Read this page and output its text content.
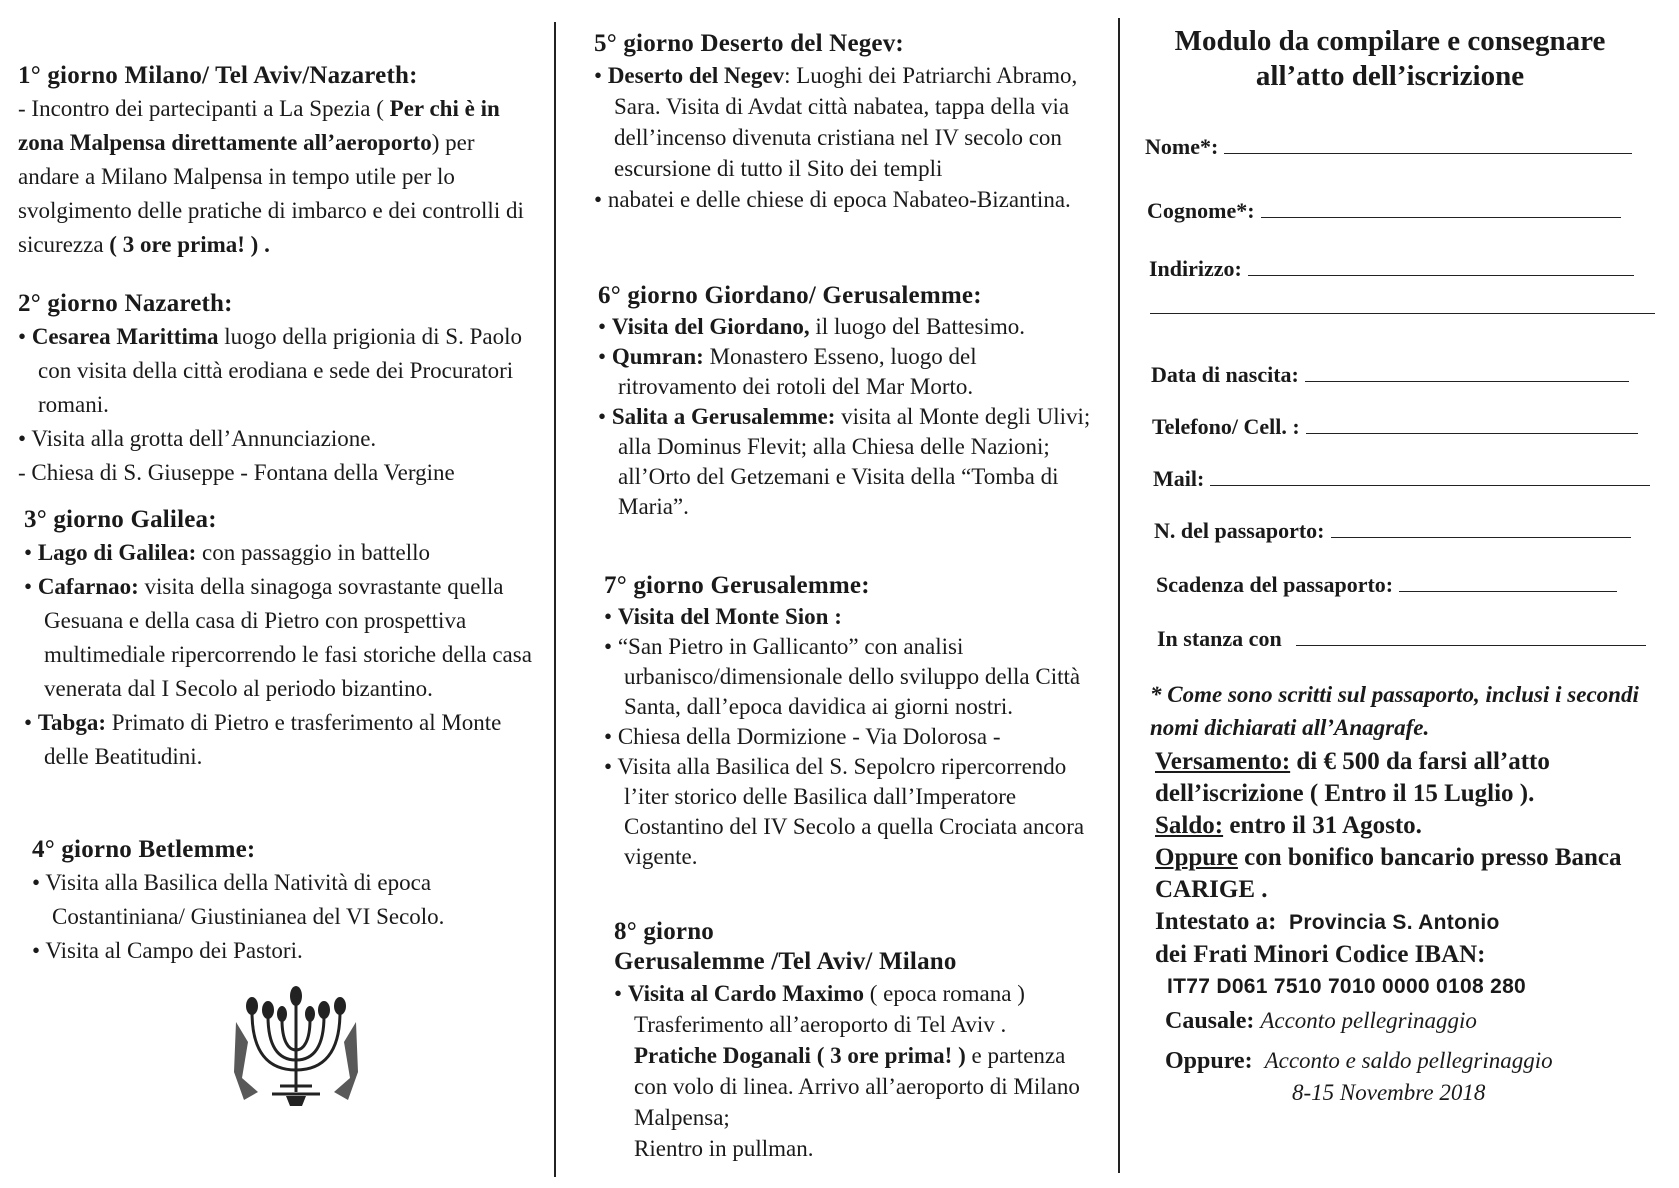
1° giorno Milano/ Tel Aviv/Nazareth:
- Incontro dei partecipanti a La Spezia ( Per chi è in zona Malpensa direttamente all’aeroporto) per andare a Milano Malpensa in tempo utile per lo svolgimento delle pratiche di imbarco e dei controlli di sicurezza ( 3 ore prima! ) .
2° giorno Nazareth:
• Cesarea Marittima luogo della prigionia di S. Paolo con visita della città erodiana e sede dei Procuratori romani.
• Visita alla grotta dell’Annunciazione.
- Chiesa di S. Giuseppe - Fontana della Vergine
3° giorno Galilea:
• Lago di Galilea: con passaggio in battello
• Cafarnao: visita della sinagoga sovrastante quella Gesuana e della casa di Pietro con prospettiva multimediale ripercorrendo le fasi storiche della casa venerata dal I Secolo al periodo bizantino.
• Tabga: Primato di Pietro e trasferimento al Monte delle Beatitudini.
4° giorno Betlemme:
• Visita alla Basilica della Natività di epoca Costantiniana/ Giustinianea del VI Secolo.
• Visita al Campo dei Pastori.
5° giorno Deserto del Negev:
• Deserto del Negev: Luoghi dei Patriarchi Abramo, Sara. Visita di Avdat città nabatea, tappa della via dell’incenso divenuta cristiana nel IV secolo con escursione di tutto il Sito dei templi
• nabatei e delle chiese di epoca Nabateo-Bizantina.
6° giorno Giordano/ Gerusalemme:
• Visita del Giordano, il luogo del Battesimo.
• Qumran: Monastero Esseno, luogo del ritrovamento dei rotoli del Mar Morto.
• Salita a Gerusalemme: visita al Monte degli Ulivi; alla Dominus Flevit; alla Chiesa delle Nazioni; all’Orto del Getzemani e Visita della “Tomba di Maria”.
7° giorno Gerusalemme:
• Visita del Monte Sion :
• “San Pietro in Gallicanto” con analisi urbanisco/dimensionale dello sviluppo della Città Santa, dall’epoca davidica ai giorni nostri.
• Chiesa della Dormizione - Via Dolorosa -
• Visita alla Basilica del S. Sepolcro ripercorrendo l’iter storico delle Basilica dall’Imperatore Costantino del IV Secolo a quella Crociata ancora vigente.
8° giorno
Gerusalemme /Tel Aviv/ Milano
• Visita al Cardo Maximo ( epoca romana )
Trasferimento all’aeroporto di Tel Aviv .
Pratiche Doganali ( 3 ore prima! ) e partenza con volo di linea. Arrivo all’aeroporto di Milano Malpensa;
Rientro in pullman.
Modulo da compilare e consegnare all’atto dell’iscrizione
Nome*:
Cognome*:
Indirizzo:
Data di nascita:
Telefono/ Cell. :
Mail:
N. del passaporto:
Scadenza del passaporto:
In stanza con
* Come sono scritti sul passaporto, inclusi i secondi nomi dichiarati all’Anagrafe.
Versamento: di € 500 da farsi all’atto dell’iscrizione ( Entro il 15 Luglio ).
Saldo: entro il 31 Agosto.
Oppure con bonifico bancario presso Banca CARIGE .
Intestato a: Provincia S. Antonio
dei Frati Minori Codice IBAN:
IT77 D061 7510 7010 0000 0108 280
Causale: Acconto pellegrinaggio
Oppure: Acconto e saldo pellegrinaggio
8-15 Novembre 2018
